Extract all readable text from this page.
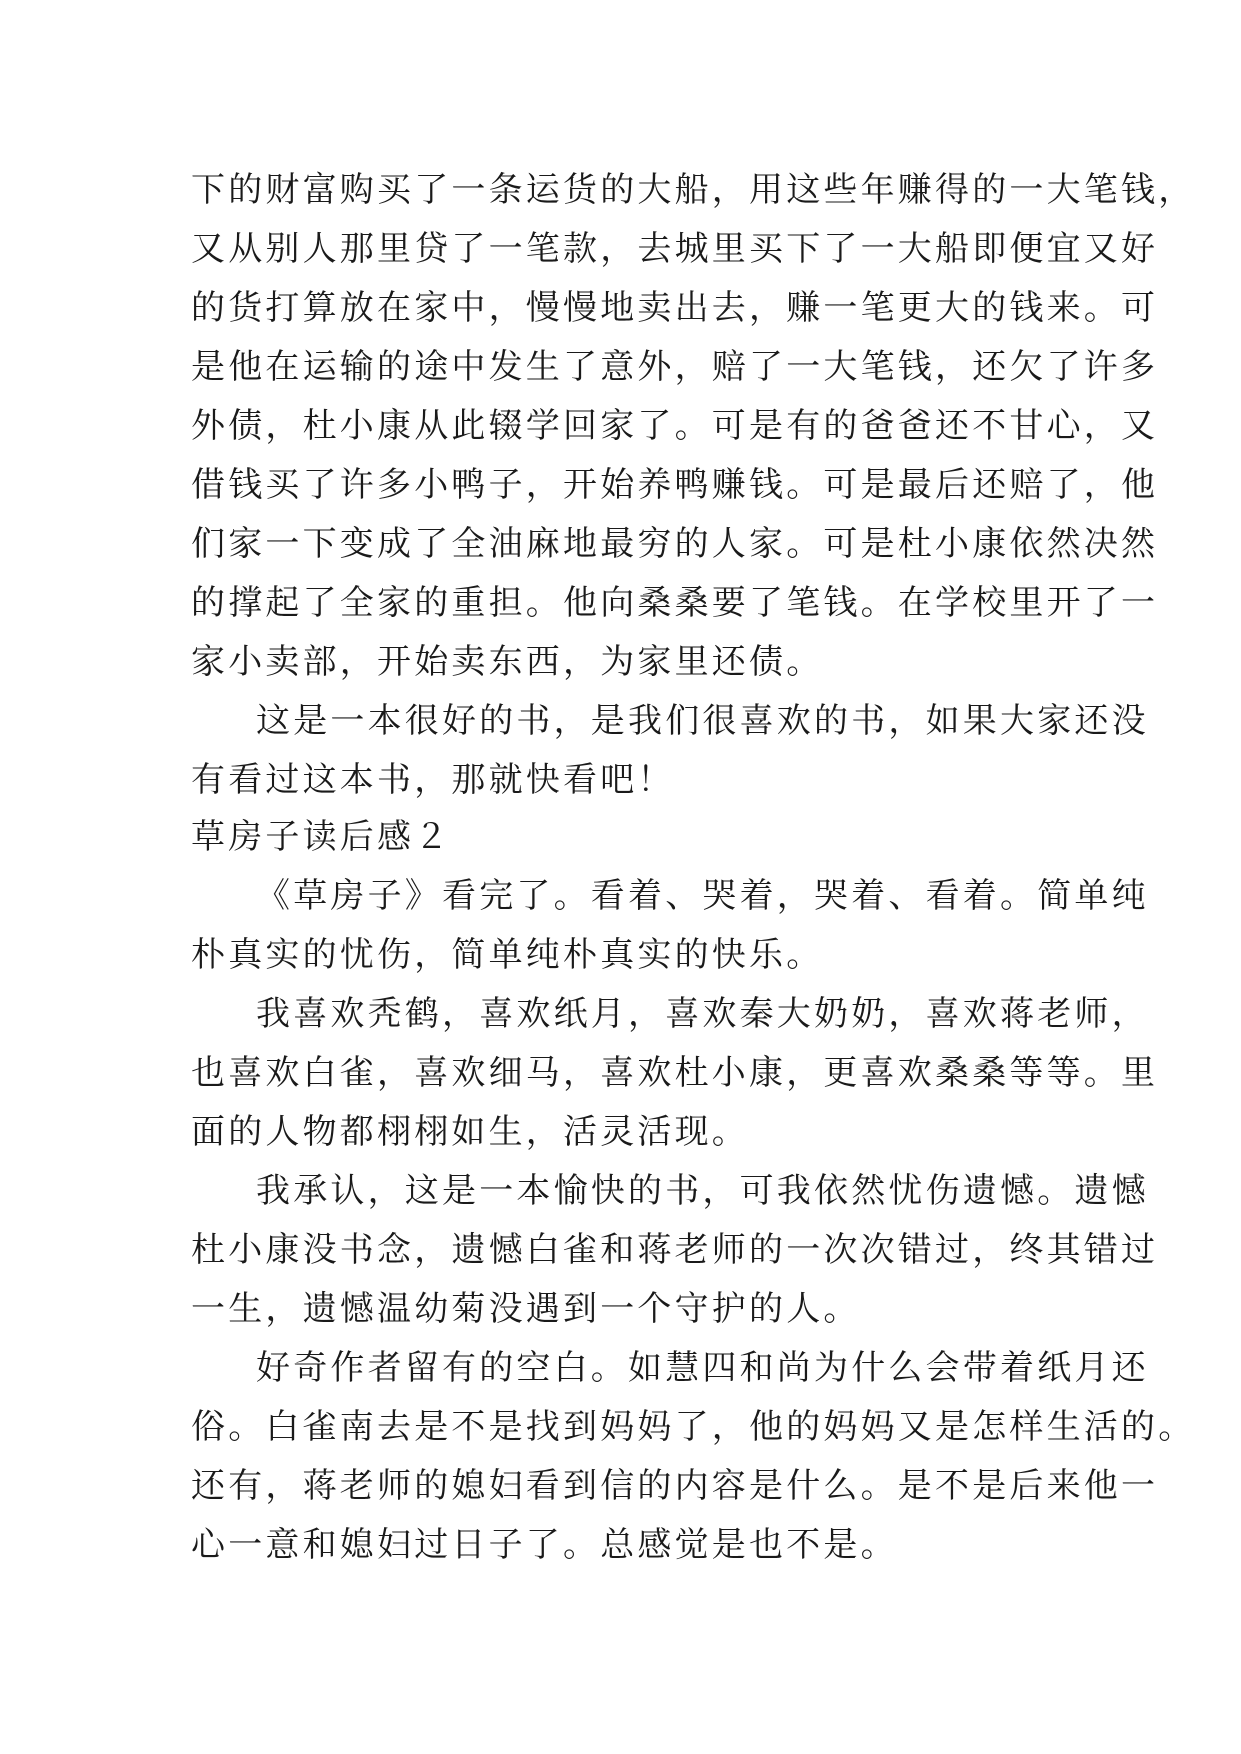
下的财富购买了一条运货的大船，用这些年赚得的一大笔钱，
又从别人那里贷了一笔款，去城里买下了一大船即便宜又好
的货打算放在家中，慢慢地卖出去，赚一笔更大的钱来。可
是他在运输的途中发生了意外，赔了一大笔钱，还欠了许多
外债，杜小康从此辍学回家了。可是有的爸爸还不甘心，又
借钱买了许多小鸭子，开始养鸭赚钱。可是最后还赔了，他
们家一下变成了全油麻地最穷的人家。可是杜小康依然决然
的撑起了全家的重担。他向桑桑要了笔钱。在学校里开了一
家小卖部，开始卖东西，为家里还债。
这是一本很好的书，是我们很喜欢的书，如果大家还没
有看过这本书，那就快看吧！
草房子读后感２
《草房子》看完了。看着、哭着，哭着、看着。简单纯
朴真实的忧伤，简单纯朴真实的快乐。
我喜欢秃鹤，喜欢纸月，喜欢秦大奶奶，喜欢蒋老师，
也喜欢白雀，喜欢细马，喜欢杜小康，更喜欢桑桑等等。里
面的人物都栩栩如生，活灵活现。
我承认，这是一本愉快的书，可我依然忧伤遗憾。遗憾
杜小康没书念，遗憾白雀和蒋老师的一次次错过，终其错过
一生，遗憾温幼菊没遇到一个守护的人。
好奇作者留有的空白。如慧四和尚为什么会带着纸月还
俗。白雀南去是不是找到妈妈了，他的妈妈又是怎样生活的。
还有，蒋老师的媳妇看到信的内容是什么。是不是后来他一
心一意和媳妇过日子了。总感觉是也不是。
